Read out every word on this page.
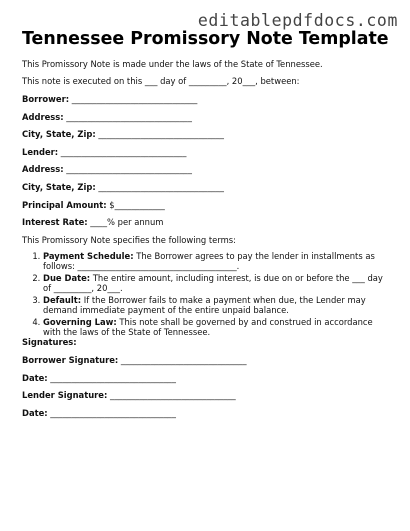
editablepdfdocs.com
Tennessee Promissory Note Template
This Promissory Note is made under the laws of the State of Tennessee.
This note is executed on this ___ day of _________, 20___, between:
Borrower: ______________________________
Address: ______________________________
City, State, Zip: ______________________________
Lender: ______________________________
Address: ______________________________
City, State, Zip: ______________________________
Principal Amount: $____________
Interest Rate: ____% per annum
This Promissory Note specifies the following terms:
1. Payment Schedule: The Borrower agrees to pay the lender in installments as follows: ______________________________________.
2. Due Date: The entire amount, including interest, is due on or before the ___ day of _________, 20___.
3. Default: If the Borrower fails to make a payment when due, the Lender may demand immediate payment of the entire unpaid balance.
4. Governing Law: This note shall be governed by and construed in accordance with the laws of the State of Tennessee.
Signatures:
Borrower Signature: ______________________________
Date: ______________________________
Lender Signature: ______________________________
Date: ______________________________
